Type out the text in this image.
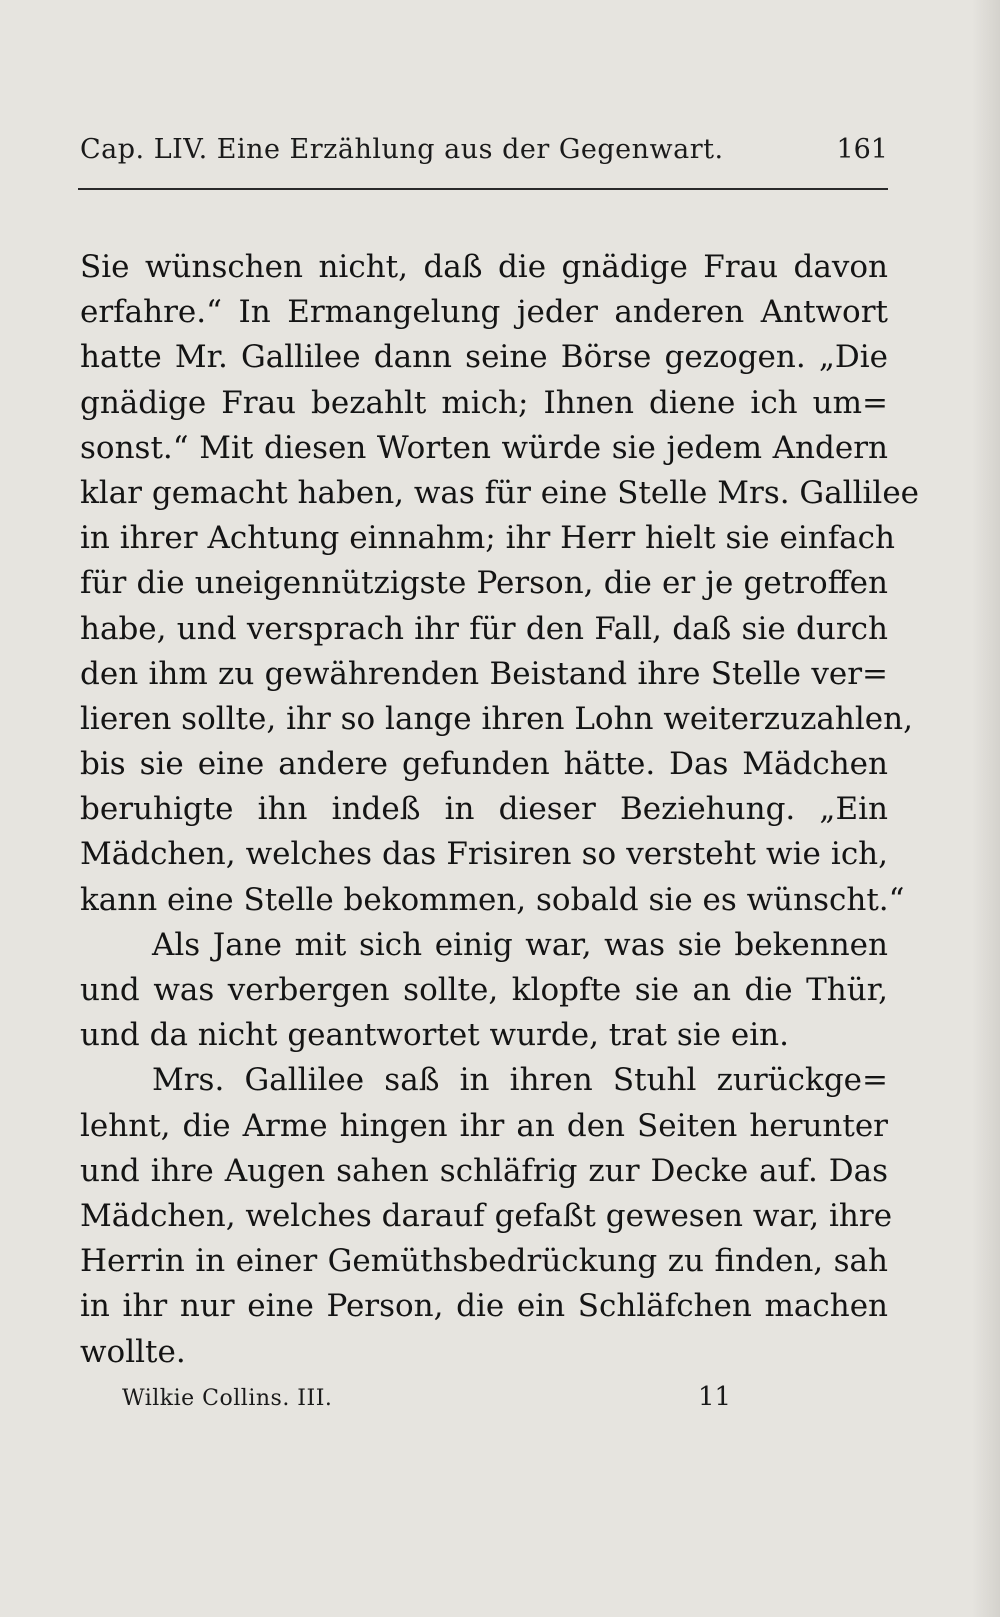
Cap. LIV. Eine Erzählung aus der Gegenwart.	161
Sie wünschen nicht, daß die gnädige Frau davon
erfahre.“ In Ermangelung jeder anderen Antwort
hatte Mr. Gallilee dann seine Börse gezogen. „Die
gnädige Frau bezahlt mich; Ihnen diene ich um=
sonst.“ Mit diesen Worten würde sie jedem Andern
klar gemacht haben, was für eine Stelle Mrs. Gallilee
in ihrer Achtung einnahm; ihr Herr hielt sie einfach
für die uneigennützigste Person, die er je getroffen
habe, und versprach ihr für den Fall, daß sie durch
den ihm zu gewährenden Beistand ihre Stelle ver=
lieren sollte, ihr so lange ihren Lohn weiterzuzahlen,
bis sie eine andere gefunden hätte. Das Mädchen
beruhigte ihn indeß in dieser Beziehung. „Ein
Mädchen, welches das Frisiren so versteht wie ich,
kann eine Stelle bekommen, sobald sie es wünscht.“
Als Jane mit sich einig war, was sie bekennen
und was verbergen sollte, klopfte sie an die Thür,
und da nicht geantwortet wurde, trat sie ein.
Mrs. Gallilee saß in ihren Stuhl zurückge=
lehnt, die Arme hingen ihr an den Seiten herunter
und ihre Augen sahen schläfrig zur Decke auf. Das
Mädchen, welches darauf gefaßt gewesen war, ihre
Herrin in einer Gemüthsbedrückung zu finden, sah
in ihr nur eine Person, die ein Schläfchen machen
wollte.
Wilkie Collins. III.	11
